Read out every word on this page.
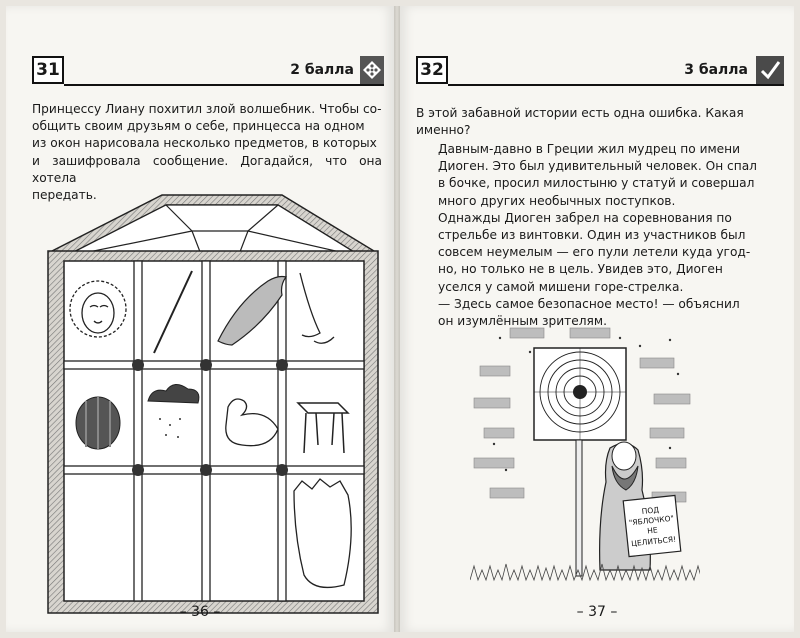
31	2 балла

Принцессу Лиану похитил злой волшебник. Чтобы со-

общить своим друзьям о себе, принцесса на одном

из окон нарисовала несколько предметов, в которых

и зашифровала сообщение. Догадайся, что она хотела

передать.

– 36 –
32	3 балла

В этой забавной истории есть одна ошибка. Какая

именно?

Давным-давно в Греции жил мудрец по имени

Диоген. Это был удивительный человек. Он спал

в бочке, просил милостыню у статуй и совершал

много других необычных поступков.

Однажды Диоген забрел на соревнования по

стрельбе из винтовки. Один из участников был

совсем неумелым — его пули летели куда угод-

но, но только не в цель. Увидев это, Диоген

уселся у самой мишени горе-стрелка.

— Здесь самое безопасное место! — объяснил

он изумлённым зрителям.

ПОД
"ЯБЛОЧКО"
НЕ
ЦЕЛИТЬСЯ!
– 37 –
